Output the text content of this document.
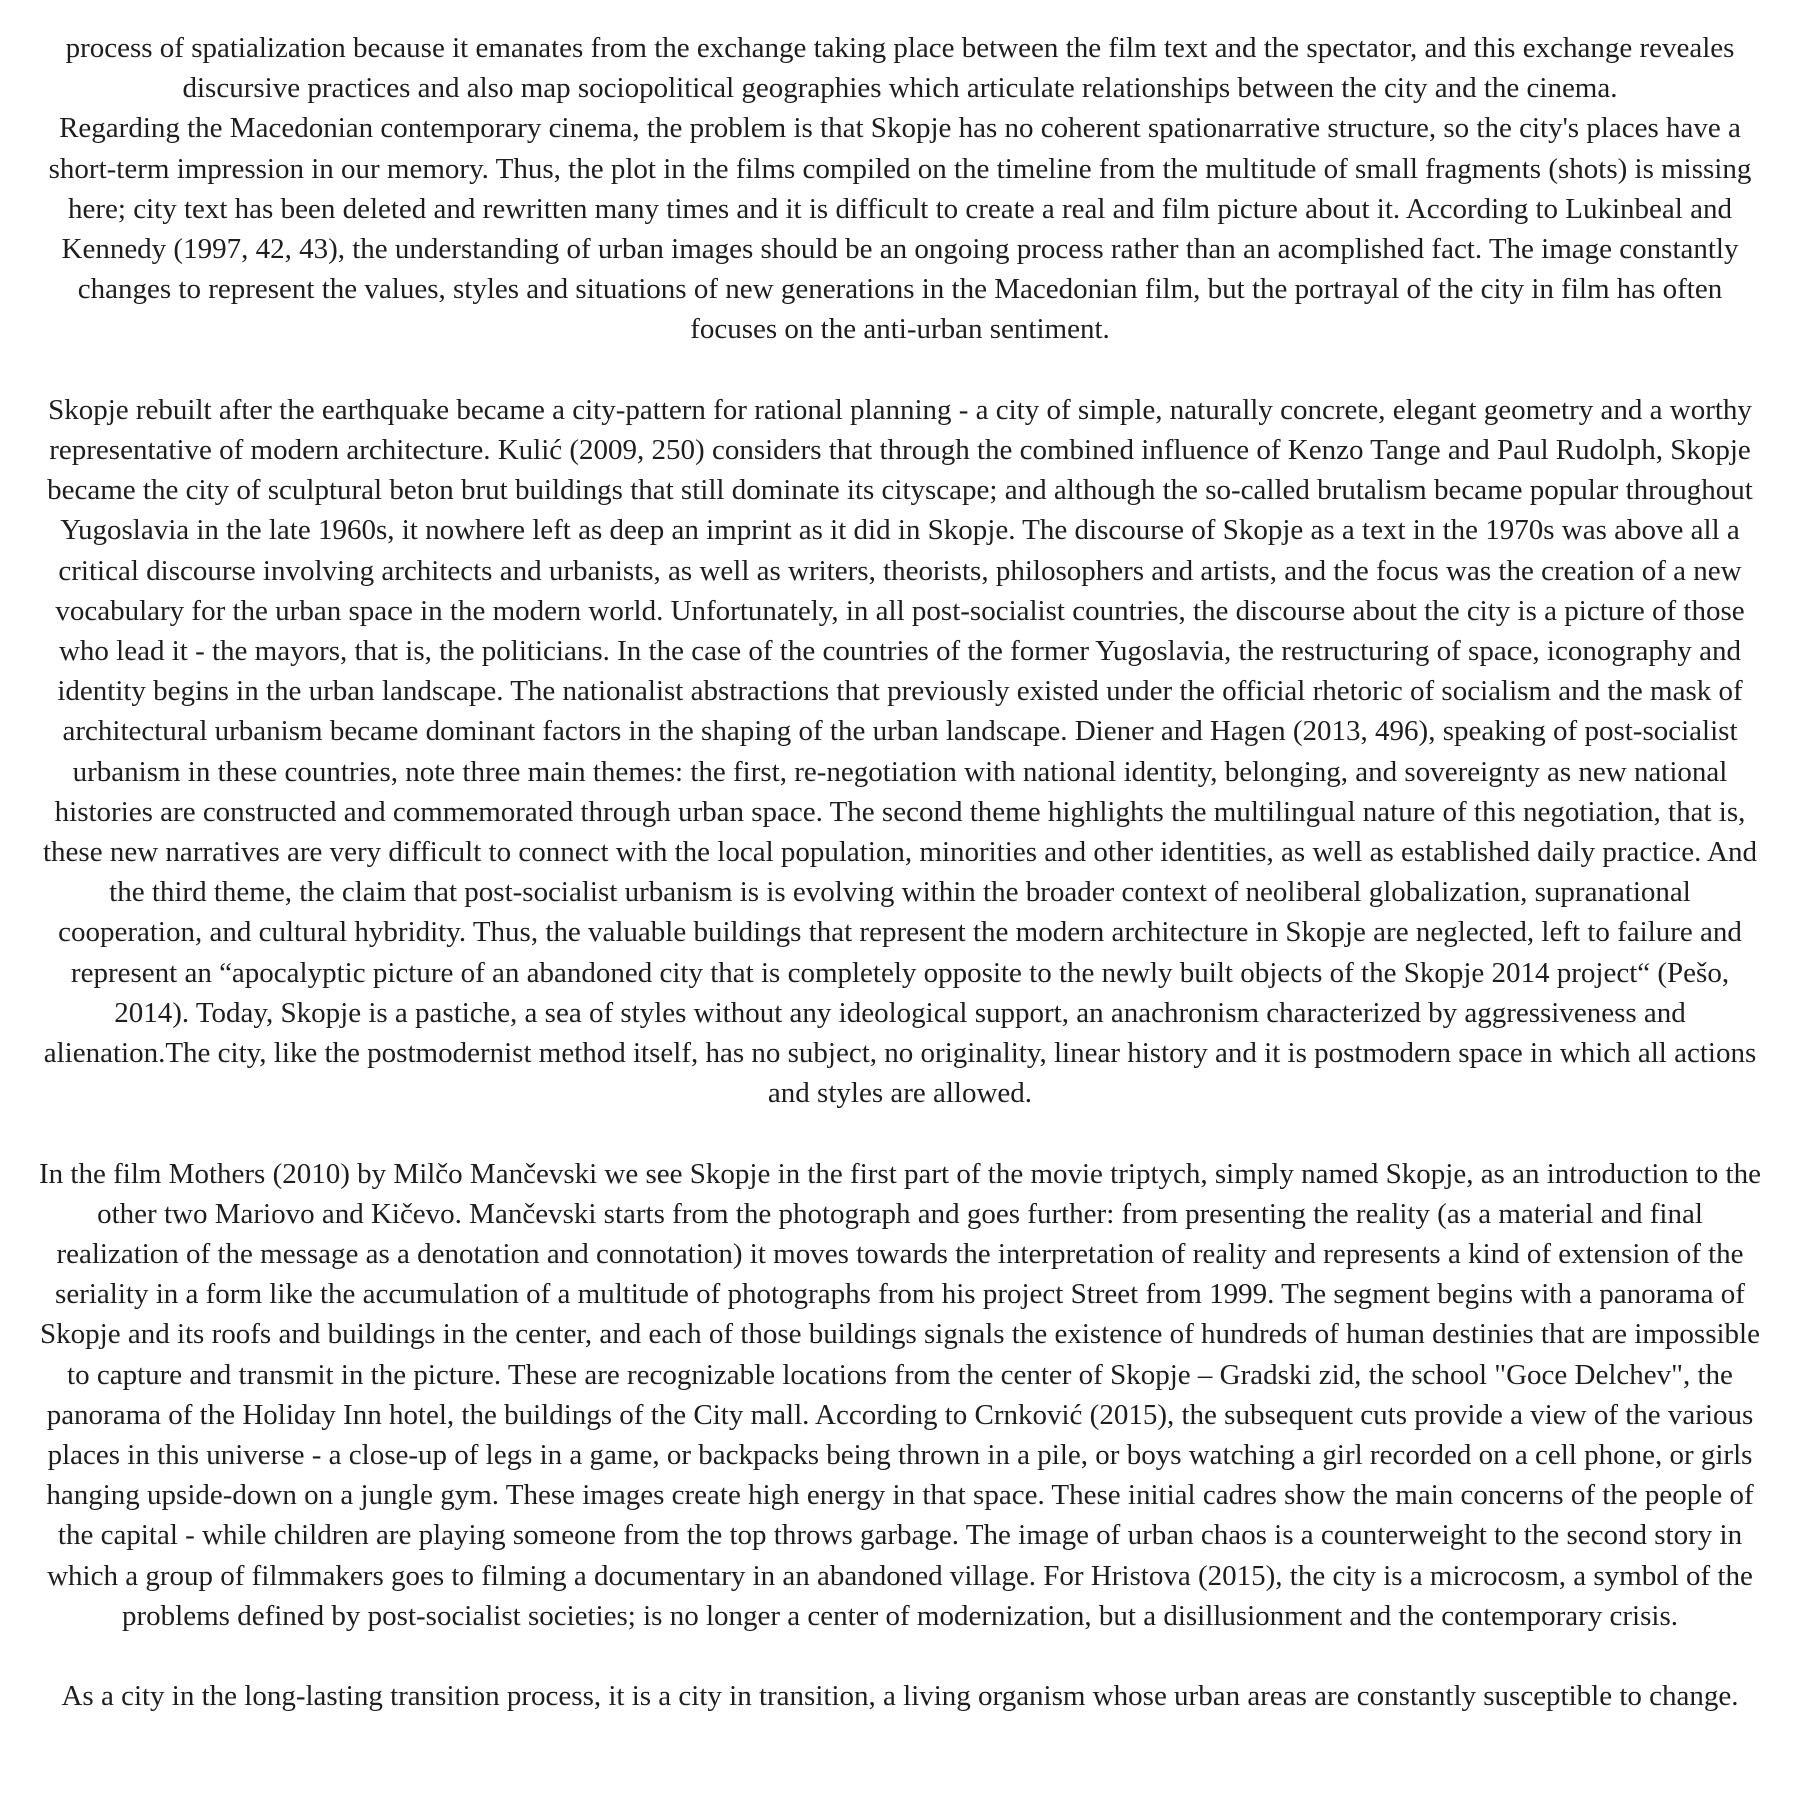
process of spatialization because it emanates from the exchange taking place between the film text and the spectator, and this exchange reveales discursive practices and also map sociopolitical geographies which articulate relationships between the city and the cinema.

Regarding the Macedonian contemporary cinema, the problem is that Skopje has no coherent spationarrative structure, so the city's places have a short-term impression in our memory. Thus, the plot in the films compiled on the timeline from the multitude of small fragments (shots) is missing here; city text has been deleted and rewritten many times and it is difficult to create a real and film picture about it. According to Lukinbeal and Kennedy (1997, 42, 43), the understanding of urban images should be an ongoing process rather than an acomplished fact. The image constantly changes to represent the values, styles and situations of new generations in the Macedonian film, but the portrayal of the city in film has often focuses on the anti-urban sentiment.

Skopje rebuilt after the earthquake became a city-pattern for rational planning - a city of simple, naturally concrete, elegant geometry and a worthy representative of modern architecture. Kulić (2009, 250) considers that through the combined influence of Kenzo Tange and Paul Rudolph, Skopje became the city of sculptural beton brut buildings that still dominate its cityscape; and although the so-called brutalism became popular throughout Yugoslavia in the late 1960s, it nowhere left as deep an imprint as it did in Skopje. The discourse of Skopje as a text in the 1970s was above all a critical discourse involving architects and urbanists, as well as writers, theorists, philosophers and artists, and the focus was the creation of a new vocabulary for the urban space in the modern world. Unfortunately, in all post-socialist countries, the discourse about the city is a picture of those who lead it - the mayors, that is, the politicians. In the case of the countries of the former Yugoslavia, the restructuring of space, iconography and identity begins in the urban landscape. The nationalist abstractions that previously existed under the official rhetoric of socialism and the mask of architectural urbanism became dominant factors in the shaping of the urban landscape. Diener and Hagen (2013, 496), speaking of post-socialist urbanism in these countries, note three main themes: the first, re-negotiation with national identity, belonging, and sovereignty as new national histories are constructed and commemorated through urban space. The second theme highlights the multilingual nature of this negotiation, that is, these new narratives are very difficult to connect with the local population, minorities and other identities, as well as established daily practice. And the third theme, the claim that post-socialist urbanism is is evolving within the broader context of neoliberal globalization, supranational cooperation, and cultural hybridity. Thus, the valuable buildings that represent the modern architecture in Skopje are neglected, left to failure and represent an “apocalyptic picture of an abandoned city that is completely opposite to the newly built objects of the Skopje 2014 project“ (Pešo, 2014). Today, Skopje is a pastiche, a sea of styles without any ideological support, an anachronism characterized by aggressiveness and alienation.The city, like the postmodernist method itself, has no subject, no originality, linear history and it is postmodern space in which all actions and styles are allowed.

In the film Mothers (2010) by Milčo Mančevski we see Skopje in the first part of the movie triptych, simply named Skopje, as an introduction to the other two Mariovo and Kičevo. Mančevski starts from the photograph and goes further: from presenting the reality (as a material and final realization of the message as a denotation and connotation) it moves towards the interpretation of reality and represents a kind of extension of the seriality in a form like the accumulation of a multitude of photographs from his project Street from 1999. The segment begins with a panorama of Skopje and its roofs and buildings in the center, and each of those buildings signals the existence of hundreds of human destinies that are impossible to capture and transmit in the picture. These are recognizable locations from the center of Skopje – Gradski zid, the school "Goce Delchev", the panorama of the Holiday Inn hotel, the buildings of the City mall. According to Crnković (2015), the subsequent cuts provide a view of the various places in this universe - a close-up of legs in a game, or backpacks being thrown in a pile, or boys watching a girl recorded on a cell phone, or girls hanging upside-down on a jungle gym. These images create high energy in that space. These initial cadres show the main concerns of the people of the capital - while children are playing someone from the top throws garbage. The image of urban chaos is a counterweight to the second story in which a group of filmmakers goes to filming a documentary in an abandoned village. For Hristova (2015), the city is a microcosm, a symbol of the problems defined by post-socialist societies; is no longer a center of modernization, but a disillusionment and the contemporary crisis.

As a city in the long-lasting transition process, it is a city in transition, a living organism whose urban areas are constantly susceptible to change.
